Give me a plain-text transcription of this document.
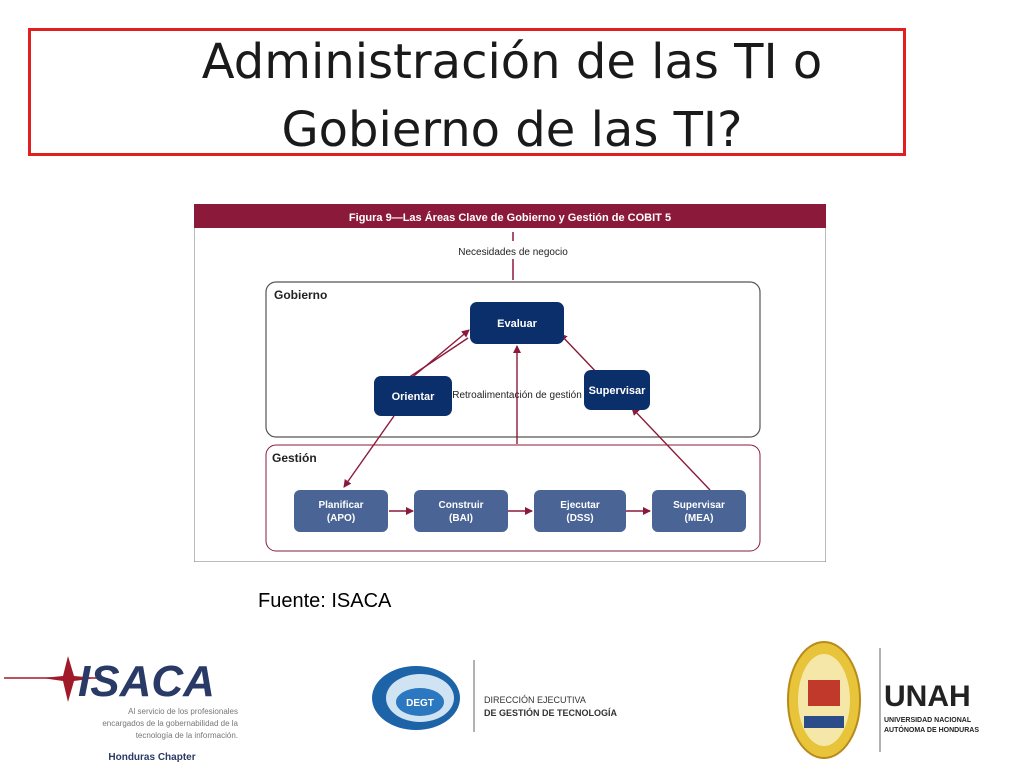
Administración de las TI o
Gobierno de las TI?
Figura 9—Las Áreas Clave de Gobierno y Gestión de COBIT 5
Necesidades de negocio
Gobierno
Gestión
Evaluar
Orientar	Supervisar
Retroalimentación de gestión
Planificar
(APO)
Construir
(BAI)
Ejecutar
(DSS)
Supervisar
(MEA)
Fuente: ISACA
ISACA
Al servicio de los profesionales
encargados de la gobernabilidad de la
tecnología de la información.
Honduras Chapter
DEGT	DIRECCIÓN EJECUTIVA
DE GESTIÓN DE TECNOLOGÍA	UNAH
UNIVERSIDAD NACIONAL
AUTÓNOMA DE HONDURAS
